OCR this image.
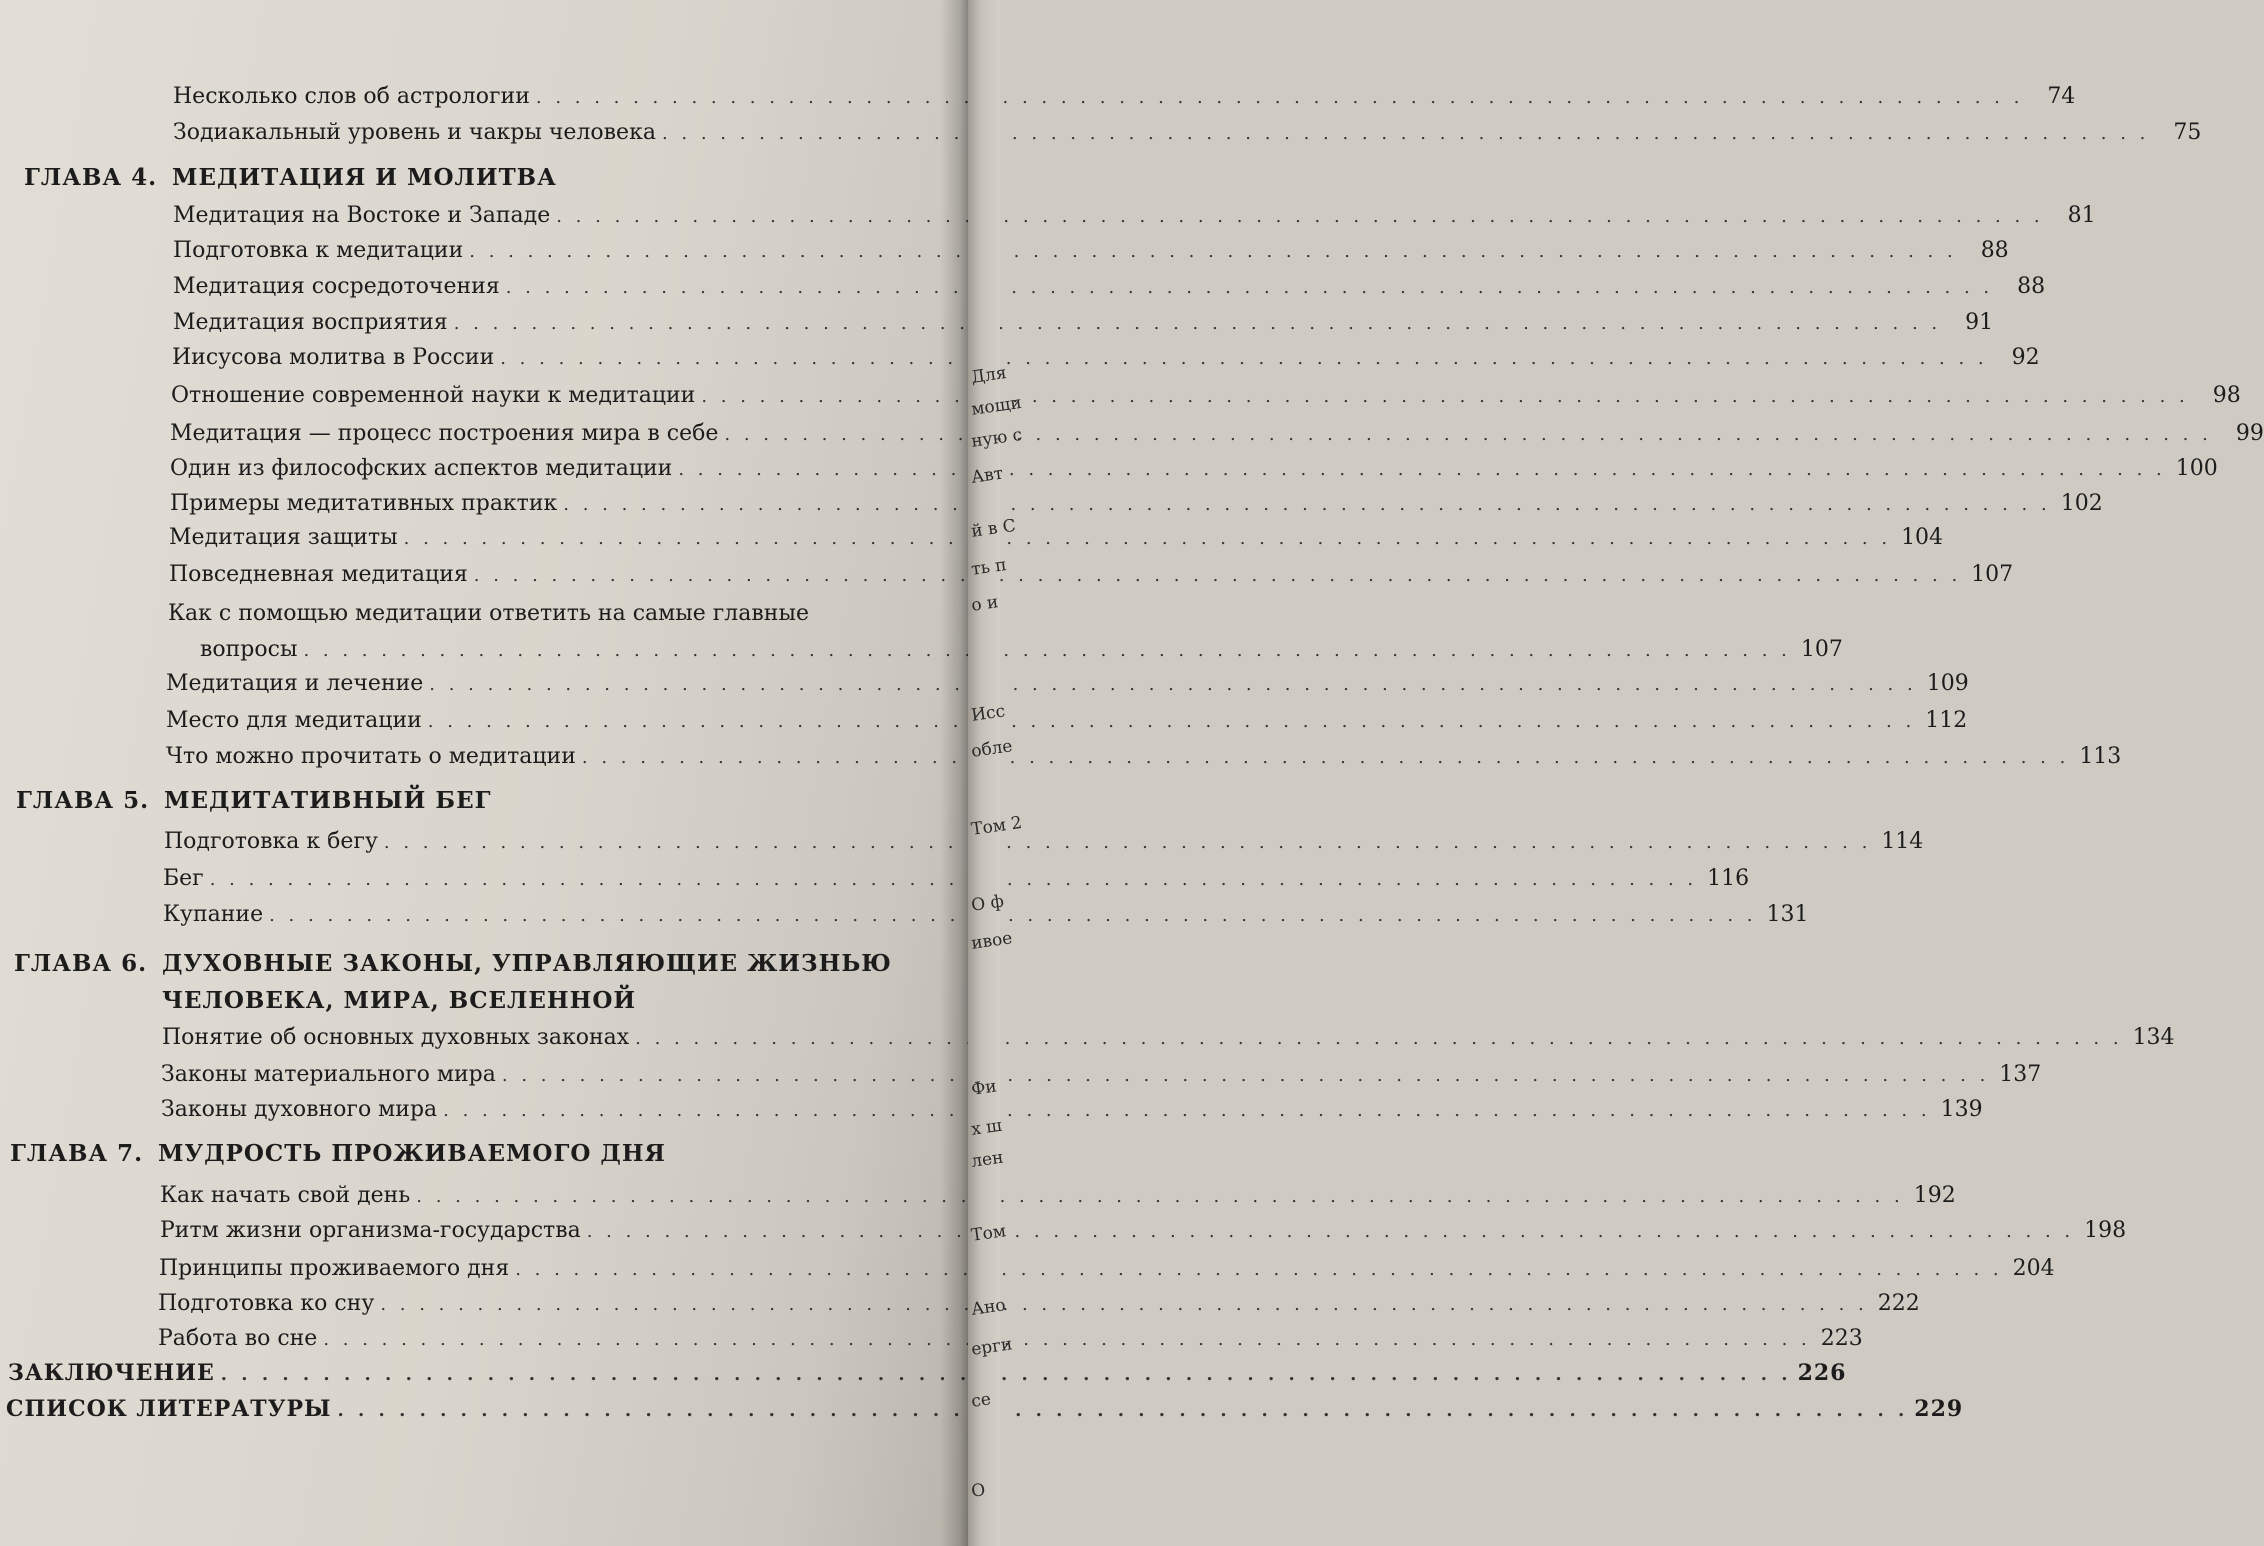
Несколько слов об астрологии . . .	74
Зодиакальный уровень и чакры человека . . .	75
ГЛАВА 4. МЕДИТАЦИЯ И МОЛИТВА
Медитация на Востоке и Западе . . .	81
Подготовка к медитации . . .	88
Медитация сосредоточения . . .	88
Медитация восприятия . . .	91
Иисусова молитва в России . . .	92
Отношение современной науки к медитации . . .	98
Медитация — процесс построения мира в себе . . .	99
Один из философских аспектов медитации . . .	100
Примеры медитативных практик . . .	102
Медитация защиты . . .	104
Повседневная медитация . . .	107
Как с помощью медитации ответить на самые главные
вопросы . . .	107
Медитация и лечение . . .	109
Место для медитации . . .	112
Что можно прочитать о медитации . . .	113
ГЛАВА 5. МЕДИТАТИВНЫЙ БЕГ
Подготовка к бегу . . .	114
Бег . . .	116
Купание . . .	131
ГЛАВА 6. ДУХОВНЫЕ ЗАКОНЫ, УПРАВЛЯЮЩИЕ ЖИЗНЬЮ
ЧЕЛОВЕКА, МИРА, ВСЕЛЕННОЙ
Понятие об основных духовных законах . . .	134
Законы материального мира . . .	137
Законы духовного мира . . .	139
ГЛАВА 7. МУДРОСТЬ ПРОЖИВАЕМОГО ДНЯ
Как начать свой день . . .	192
Ритм жизни организма-государства . . .	198
Принципы проживаемого дня . . .	204
Подготовка ко сну . . .	222
Работа во сне . . .	223
ЗАКЛЮЧЕНИЕ . . .	226
СПИСОК ЛИТЕРАТУРЫ . . .	229
Для
мощи
ную с
Авт
й в С
ть п
о и
Исс
обле
Том 2
О ф
ивое
Фи
х ш
лен
Том
Ано
ерги
се
О
